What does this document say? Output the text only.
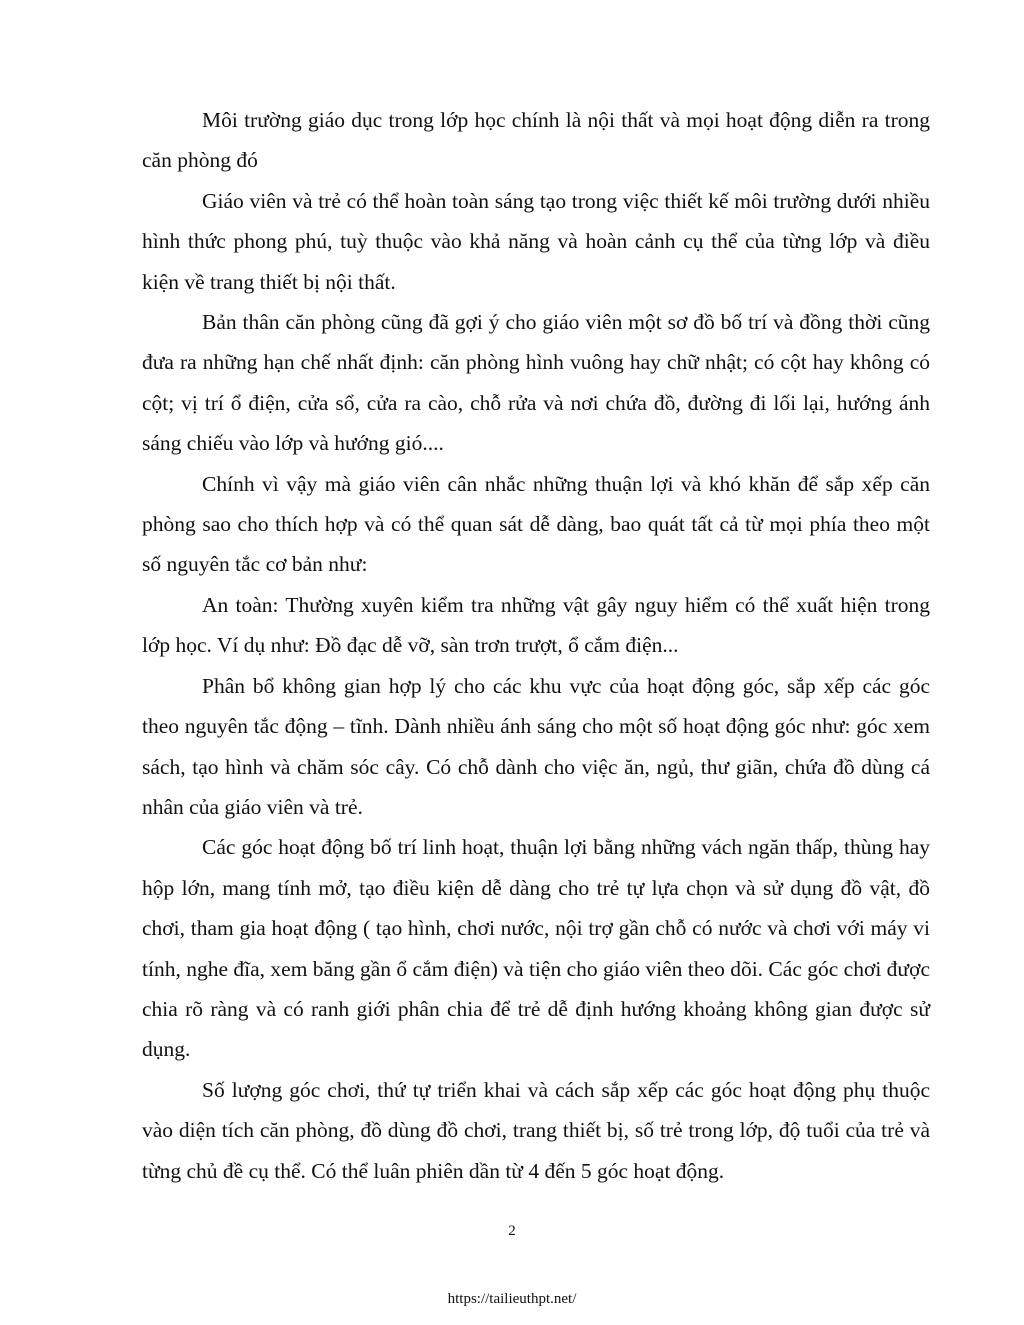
Môi trường giáo dục trong lớp học chính là nội thất và mọi hoạt động diễn ra trong căn phòng đó

Giáo viên và trẻ có thể hoàn toàn sáng tạo trong việc thiết kế môi trường dưới nhiều hình thức phong phú, tuỳ thuộc vào khả năng và hoàn cảnh cụ thể của từng lớp và điều kiện về trang thiết bị nội thất.

Bản thân căn phòng cũng đã gợi ý cho giáo viên một sơ đồ bố trí và đồng thời cũng đưa ra những hạn chế nhất định: căn phòng hình vuông hay chữ nhật; có cột hay không có cột; vị trí ổ điện, cửa sổ, cửa ra cào, chỗ rửa và nơi chứa đồ, đường đi lối lại, hướng ánh sáng chiếu vào lớp và hướng gió....

Chính vì vậy mà giáo viên cân nhắc những thuận lợi và khó khăn để sắp xếp căn phòng sao cho thích hợp và có thể quan sát dễ dàng, bao quát tất cả từ mọi phía theo một số nguyên tắc cơ bản như:

An toàn: Thường xuyên kiểm tra những vật gây nguy hiểm có thể xuất hiện trong lớp học. Ví dụ như: Đồ đạc dễ vỡ, sàn trơn trượt, ổ cắm điện...

Phân bổ không gian hợp lý cho các khu vực của hoạt động góc, sắp xếp các góc theo nguyên tắc động – tĩnh. Dành nhiều ánh sáng cho một số hoạt động góc như: góc xem sách, tạo hình và chăm sóc cây. Có chỗ dành cho việc ăn, ngủ, thư giãn, chứa đồ dùng cá nhân của giáo viên và trẻ.

Các góc hoạt động bố trí linh hoạt, thuận lợi bằng những vách ngăn thấp, thùng hay hộp lớn, mang tính mở, tạo điều kiện dễ dàng cho trẻ tự lựa chọn và sử dụng đồ vật, đồ chơi, tham gia hoạt động ( tạo hình, chơi nước, nội trợ gần chỗ có nước và chơi với máy vi tính, nghe đĩa, xem băng gần ổ cắm điện) và tiện cho giáo viên theo dõi. Các góc chơi được chia rõ ràng và có ranh giới phân chia để trẻ dễ định hướng khoảng không gian được sử dụng.

Số lượng góc chơi, thứ tự triển khai và cách sắp xếp các góc hoạt động phụ thuộc vào diện tích căn phòng, đồ dùng đồ chơi, trang thiết bị, số trẻ trong lớp, độ tuổi của trẻ và từng chủ đề cụ thể. Có thể luân phiên dần từ 4 đến 5 góc hoạt động.

2
https://tailieuthpt.net/
